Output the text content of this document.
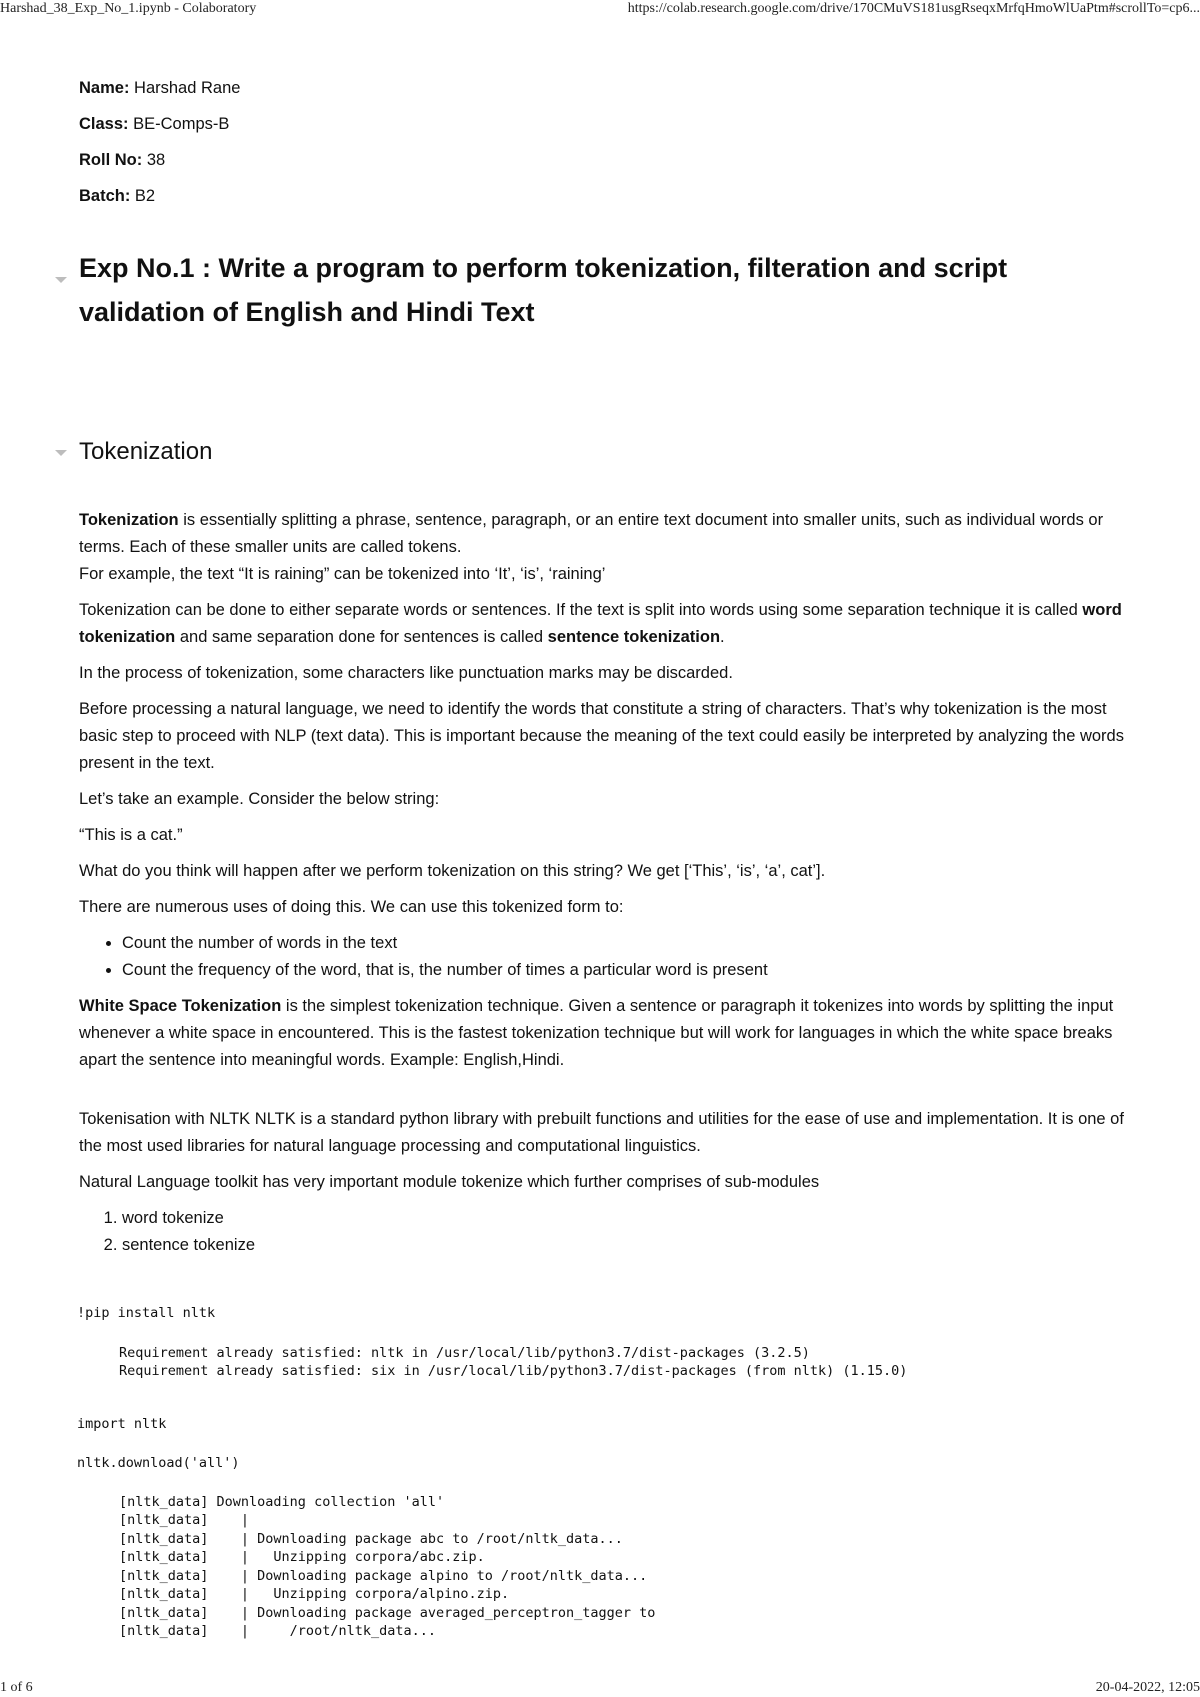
Harshad_38_Exp_No_1.ipynb - Colaboratory	https://colab.research.google.com/drive/170CMuVS181usgRseqxMrfqHmoWlUaPtm#scrollTo=cp6...

Name: Harshad Rane

Class: BE-Comps-B

Roll No: 38

Batch: B2

Exp No.1 : Write a program to perform tokenization, filteration and script validation of English and Hindi Text
Tokenization

Tokenization is essentially splitting a phrase, sentence, paragraph, or an entire text document into smaller units, such as individual words or terms. Each of these smaller units are called tokens.

For example, the text “It is raining” can be tokenized into ‘It’, ‘is’, ‘raining’

Tokenization can be done to either separate words or sentences. If the text is split into words using some separation technique it is called word tokenization and same separation done for sentences is called sentence tokenization.

In the process of tokenization, some characters like punctuation marks may be discarded.

Before processing a natural language, we need to identify the words that constitute a string of characters. That’s why tokenization is the most basic step to proceed with NLP (text data). This is important because the meaning of the text could easily be interpreted by analyzing the words present in the text.

Let’s take an example. Consider the below string:

“This is a cat.”

What do you think will happen after we perform tokenization on this string? We get [‘This’, ‘is’, ‘a’, cat’].

There are numerous uses of doing this. We can use this tokenized form to:

• Count the number of words in the text
• Count the frequency of the word, that is, the number of times a particular word is present

White Space Tokenization is the simplest tokenization technique. Given a sentence or paragraph it tokenizes into words by splitting the input whenever a white space in encountered. This is the fastest tokenization technique but will work for languages in which the white space breaks apart the sentence into meaningful words. Example: English,Hindi.

Tokenisation with NLTK NLTK is a standard python library with prebuilt functions and utilities for the ease of use and implementation. It is one of the most used libraries for natural language processing and computational linguistics.

Natural Language toolkit has very important module tokenize which further comprises of sub-modules

1. word tokenize
2. sentence tokenize
!pip install nltk
Requirement already satisfied: nltk in /usr/local/lib/python3.7/dist-packages (3.2.5)
Requirement already satisfied: six in /usr/local/lib/python3.7/dist-packages (from nltk) (1.15.0)
import nltk
nltk.download('all')
[nltk_data] Downloading collection 'all'
[nltk_data]    |
[nltk_data]    | Downloading package abc to /root/nltk_data...
[nltk_data]    |   Unzipping corpora/abc.zip.
[nltk_data]    | Downloading package alpino to /root/nltk_data...
[nltk_data]    |   Unzipping corpora/alpino.zip.
[nltk_data]    | Downloading package averaged_perceptron_tagger to
[nltk_data]    |     /root/nltk_data...
1 of 6	20-04-2022, 12:05
